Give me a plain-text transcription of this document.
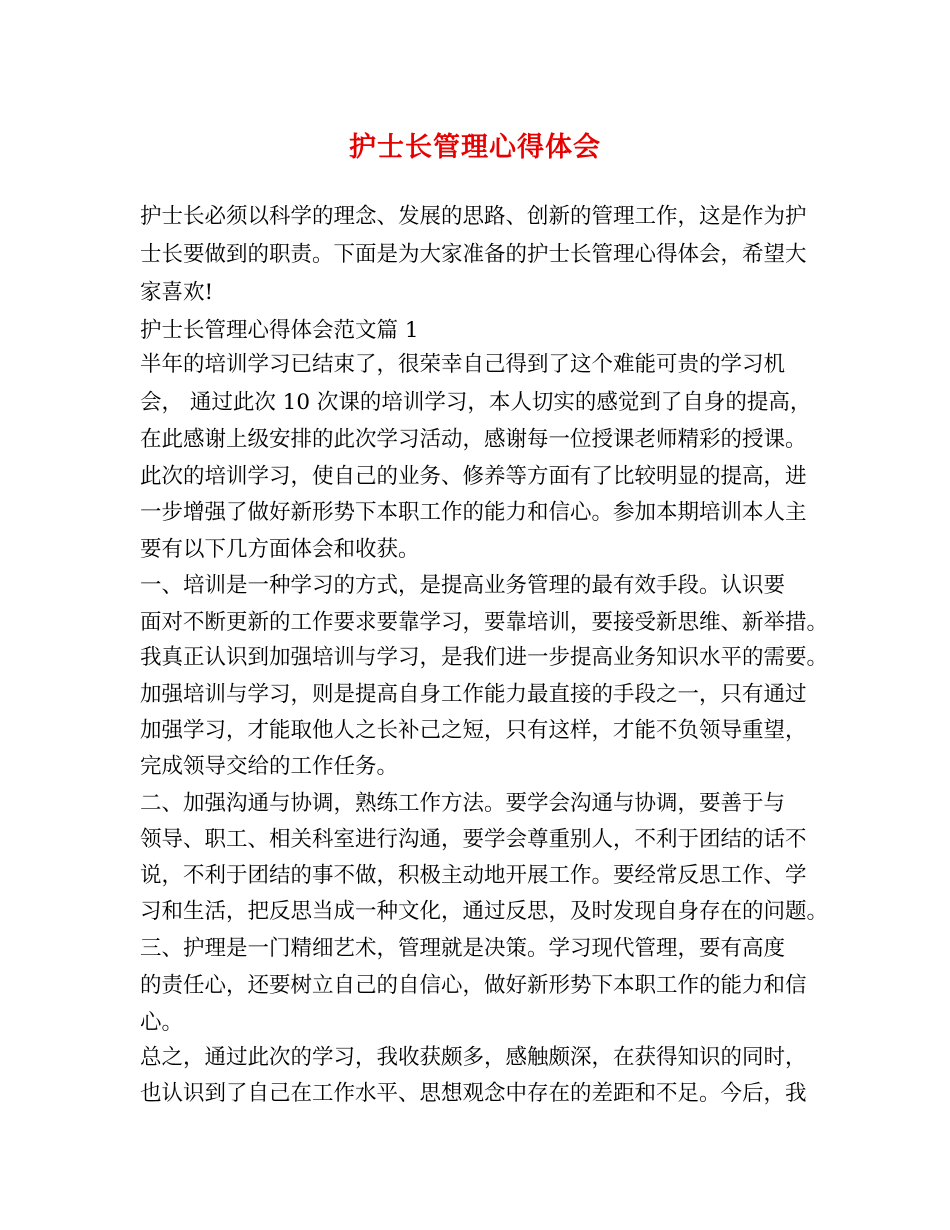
护士长管理心得体会
护士长必须以科学的理念、发展的思路、创新的管理工作，这是作为护
士长要做到的职责。下面是为大家准备的护士长管理心得体会，希望大
家喜欢!
护士长管理心得体会范文篇 1
半年的培训学习已结束了，很荣幸自己得到了这个难能可贵的学习机
会， 通过此次 10 次课的培训学习，本人切实的感觉到了自身的提高，
在此感谢上级安排的此次学习活动，感谢每一位授课老师精彩的授课。
此次的培训学习，使自己的业务、修养等方面有了比较明显的提高，进
一步增强了做好新形势下本职工作的能力和信心。参加本期培训本人主
要有以下几方面体会和收获。
一、培训是一种学习的方式，是提高业务管理的最有效手段。认识要
面对不断更新的工作要求要靠学习，要靠培训，要接受新思维、新举措。
我真正认识到加强培训与学习，是我们进一步提高业务知识水平的需要。
加强培训与学习，则是提高自身工作能力最直接的手段之一，只有通过
加强学习，才能取他人之长补己之短，只有这样，才能不负领导重望，
完成领导交给的工作任务。
二、加强沟通与协调，熟练工作方法。要学会沟通与协调，要善于与
领导、职工、相关科室进行沟通，要学会尊重别人，不利于团结的话不
说，不利于团结的事不做，积极主动地开展工作。要经常反思工作、学
习和生活，把反思当成一种文化，通过反思，及时发现自身存在的问题。
三、护理是一门精细艺术，管理就是决策。学习现代管理，要有高度
的责任心，还要树立自己的自信心，做好新形势下本职工作的能力和信
心。
总之，通过此次的学习，我收获颇多，感触颇深，在获得知识的同时，
也认识到了自己在工作水平、思想观念中存在的差距和不足。今后，我
